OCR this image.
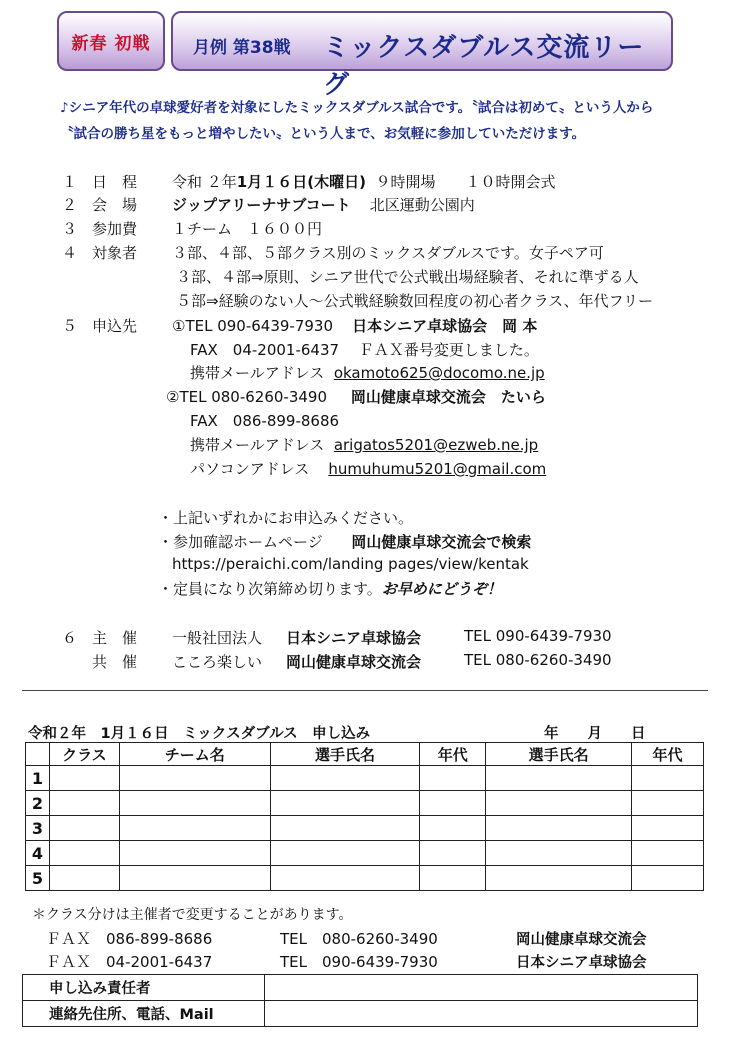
新春 初戦	月例 第38戦 ミックスダブルス交流リーグ
♪シニア年代の卓球愛好者を対象にしたミックスダブルス試合です。〝試合は初めて〟という人から
〝試合の勝ち星をもっと増やしたい〟という人まで、お気軽に参加していただけます。
１ 日　程 令和 ２年1月１６日(木曜日) ９時開場　　１０時開会式
２ 会　場 ジップアリーナサブコート 北区運動公園内
３ 参加費 １チーム　１６００円
４ 対象者 ３部、４部、５部クラス別のミックスダブルスです。女子ペア可
３部、４部⇒原則、シニア世代で公式戦出場経験者、それに準ずる人
５部⇒経験のない人～公式戦経験数回程度の初心者クラス、年代フリー
５ 申込先 ①TEL 090-6439-7930 日本シニア卓球協会　岡 本
FAX　04-2001-6437　 ＦＡＸ番号変更しました。
携帯メールアドレス okamoto625@docomo.ne.jp
②TEL 080-6260-3490 岡山健康卓球交流会　たいら
FAX　086-899-8686
携帯メールアドレス arigatos5201@ezweb.ne.jp
パソコンアドレス humuhumu5201@gmail.com
・上記いずれかにお申込みください。
・参加確認ホームページ 岡山健康卓球交流会で検索
https://peraichi.com/landing pages/view/kentak
・定員になり次第締め切ります。お早めにどうぞ！
６ 主　催 一般社団法人 日本シニア卓球協会	TEL 090-6439-7930
共　催 こころ楽しい 岡山健康卓球交流会	TEL 080-6260-3490
令和２年　1月１６日　ミックスダブルス　申し込み	年　　月　　日
	クラス	チーム名	選手氏名	年代	選手氏名	年代
1						
2						
3						
4						
5						
＊クラス分けは主催者で変更することがあります。
ＦＡＸ　086-899-8686	TEL　080-6260-3490	岡山健康卓球交流会
ＦＡＸ　04-2001-6437	TEL　090-6439-7930	日本シニア卓球協会
申し込み責任者	
連絡先住所、電話、Mail	
